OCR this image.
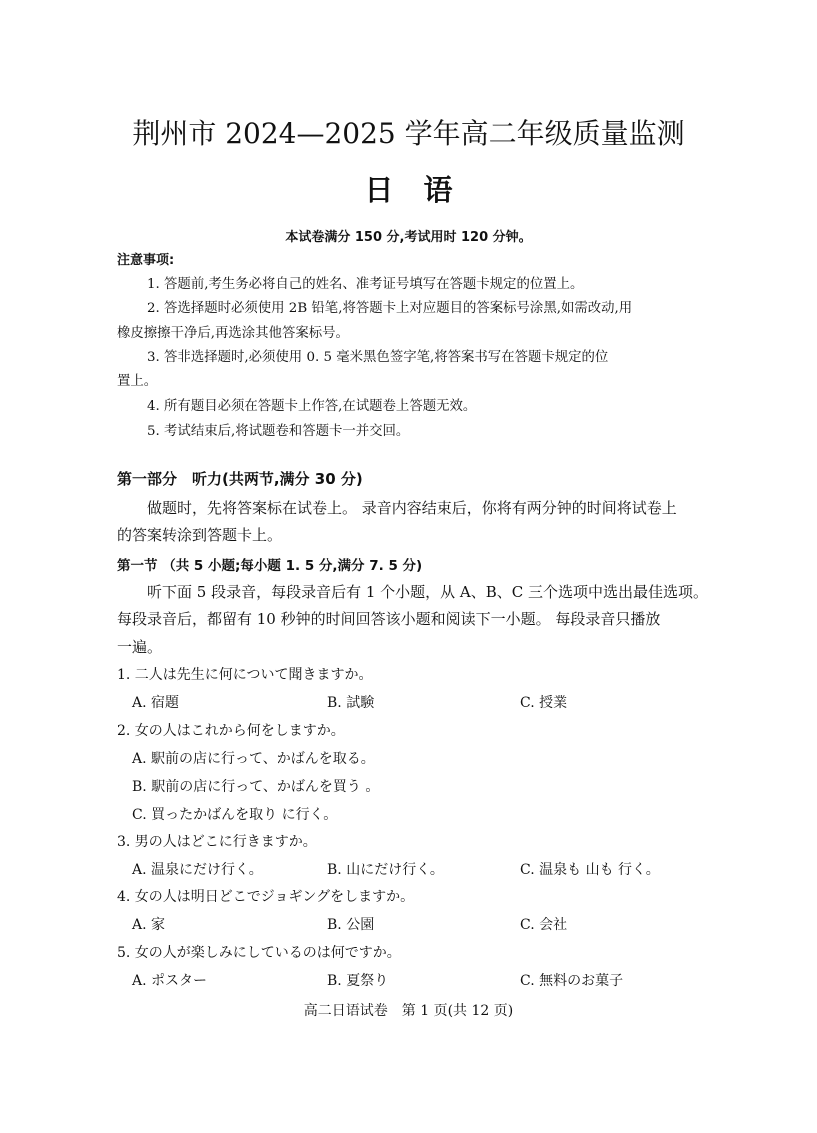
荆州市 2024—2025 学年高二年级质量监测
日语
本试卷满分 150 分,考试用时 120 分钟。
注意事项:
1. 答题前,考生务必将自己的姓名、准考证号填写在答题卡规定的位置上。
2. 答选择题时必须使用 2B 铅笔,将答题卡上对应题目的答案标号涂黑,如需改动,用
橡皮擦擦干净后,再选涂其他答案标号。
3. 答非选择题时,必须使用 0. 5 毫米黑色签字笔,将答案书写在答题卡规定的位
置上。
4. 所有题目必须在答题卡上作答,在试题卷上答题无效。
5. 考试结束后,将试题卷和答题卡一并交回。
第一部分　听力(共两节,满分 30 分)
做题时，先将答案标在试卷上。 录音内容结束后，你将有两分钟的时间将试卷上
的答案转涂到答题卡上。
第一节 （共 5 小题;每小题 1. 5 分,满分 7. 5 分)
听下面 5 段录音，每段录音后有 1 个小题，从 A、B、C 三个选项中选出最佳选项。
每段录音后，都留有 10 秒钟的时间回答该小题和阅读下一小题。 每段录音只播放
一遍。
1. 二人は先生に何について聞きますか。
A. 宿題	B. 試験	C. 授業
2. 女の人はこれから何をしますか。
A. 駅前の店に行って、かばんを取る。
B. 駅前の店に行って、かばんを買う 。
C. 買ったかばんを取り に行く。
3. 男の人はどこに行きますか。
A. 温泉にだけ行く。	B. 山にだけ行く。	C. 温泉も 山も 行く。
4. 女の人は明日どこでジョギングをしますか。
A. 家	B. 公園	C. 会社
5. 女の人が楽しみにしているのは何ですか。
A. ポスター	B. 夏祭り	C. 無料のお菓子
高二日语试卷　第 1 页(共 12 页)
